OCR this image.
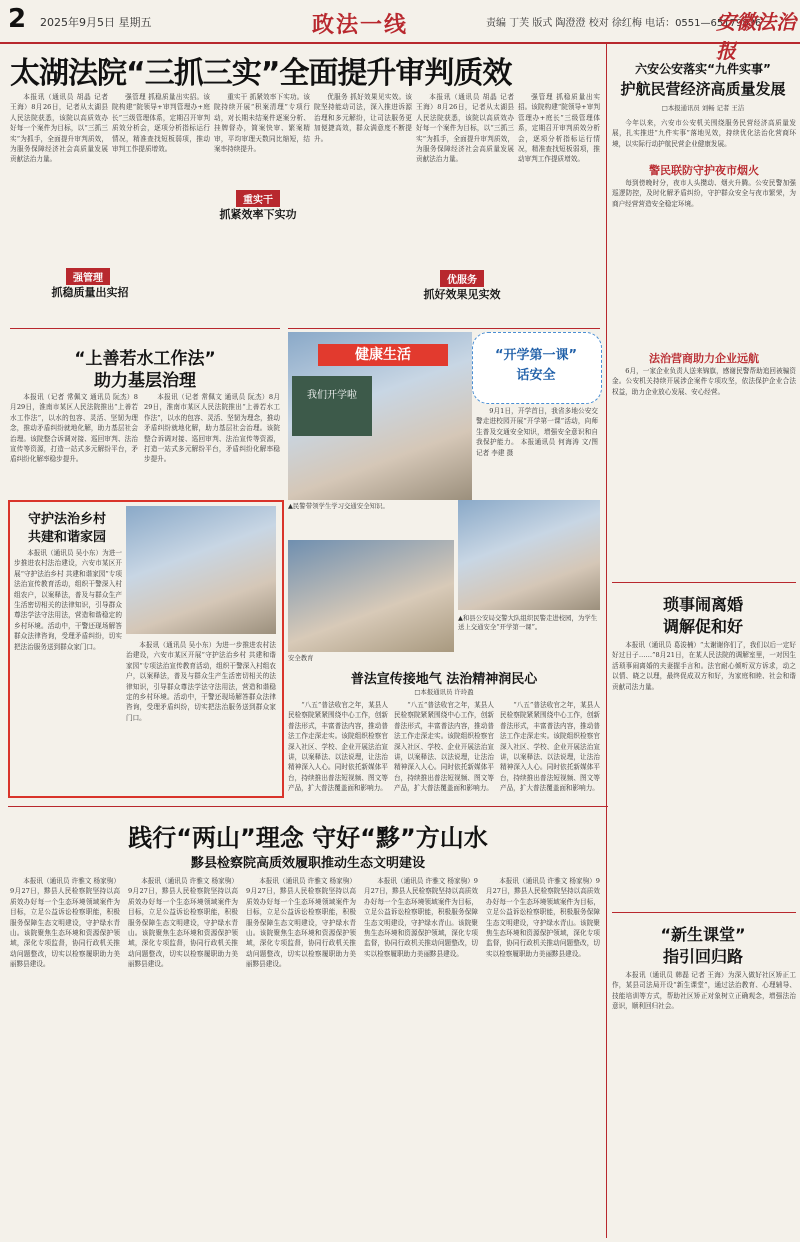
2 2025年9月5日 星期五	政法一线	责编 丁芙 版式 陶澄澄 校对 徐红梅 电话：0551—65179836
安徽法治报
太湖法院“三抓三实”全面提升审判质效

本报讯（通讯员 胡晶 记者 王海）8月26日，记者从太湖县人民法院获悉，该院以高质效办好每一个案件为目标，以“三抓三实”为抓手，全面提升审判质效，为服务保障经济社会高质量发展贡献法治力量。

强管理 抓稳质量出实招。该院构建“院领导+审判管理办+庭长”三级管理体系，定期召开审判质效分析会，逐项分析指标运行情况，精准查找短板弱项，推动审判工作提质增效。

重实干 抓紧效率下实功。该院持续开展“积案清理”专项行动，对长期未结案件逐案分析、挂牌督办，简案快审、繁案精审，平均审理天数同比缩短，结案率持续提升。

优服务 抓好效果见实效。该院坚持能动司法，深入推进诉源治理和多元解纷，让司法服务更加便捷高效，群众满意度不断提升。

本报讯（通讯员 胡晶 记者 王海）8月26日，记者从太湖县人民法院获悉，该院以高质效办好每一个案件为目标，以“三抓三实”为抓手，全面提升审判质效，为服务保障经济社会高质量发展贡献法治力量。

强管理 抓稳质量出实招。该院构建“院领导+审判管理办+庭长”三级管理体系，定期召开审判质效分析会，逐项分析指标运行情况，精准查找短板弱项，推动审判工作提质增效。

强管理
抓稳质量出实招
重实干
抓紧效率下实功
优服务
抓好效果见实效
“上善若水工作法”
助力基层治理

本报讯（记者 常佩文 通讯员 阮杰）8月29日，淮南市某区人民法院推出“上善若水工作法”，以水的包容、灵活、坚韧为理念，推动矛盾纠纷就地化解，助力基层社会治理。该院整合诉调对接、巡回审判、法治宣传等资源，打造一站式多元解纷平台，矛盾纠纷化解率稳步提升。

本报讯（记者 常佩文 通讯员 阮杰）8月29日，淮南市某区人民法院推出“上善若水工作法”，以水的包容、灵活、坚韧为理念，推动矛盾纠纷就地化解，助力基层社会治理。该院整合诉调对接、巡回审判、法治宣传等资源，打造一站式多元解纷平台，矛盾纠纷化解率稳步提升。

健康生活
我们开学啦
“开学第一课”
话安全

9月1日，开学首日，我省多地公安交警走进校园开展“开学第一课”活动，向师生普及交通安全知识，增强安全意识和自我保护能力。 本报通讯员 何海涛 文/图 记者 李建 摄

▲民警带领学生学习交通安全知识。
▲和县公安局交警大队组织民警走进校园，为学生送上交通安全“开学第一课”。
安全教育
守护法治乡村
共建和谐家园

本报讯（通讯员 吴小东）为进一步推进农村法治建设，六安市某区开展“守护法治乡村 共建和谐家园”专项法治宣传教育活动，组织干警深入村组农户，以案释法，普及与群众生产生活密切相关的法律知识，引导群众尊法学法守法用法，营造和谐稳定的乡村环境。活动中，干警还现场解答群众法律咨询，受理矛盾纠纷，切实把法治服务送到群众家门口。	本报讯（通讯员 吴小东）为进一步推进农村法治建设，六安市某区开展“守护法治乡村 共建和谐家园”专项法治宣传教育活动，组织干警深入村组农户，以案释法，普及与群众生产生活密切相关的法律知识，引导群众尊法学法守法用法，营造和谐稳定的乡村环境。活动中，干警还现场解答群众法律咨询，受理矛盾纠纷，切实把法治服务送到群众家门口。

普法宣传接地气 法治精神润民心
□本报通讯员 许玲盈

“八五”普法收官之年，某县人民检察院紧紧围绕中心工作，创新普法形式，丰富普法内容，推动普法工作走深走实。该院组织检察官深入社区、学校、企业开展法治宣讲，以案释法、以法说理，让法治精神深入人心。同时依托新媒体平台，持续推出普法短视频、图文等产品，扩大普法覆盖面和影响力。

“八五”普法收官之年，某县人民检察院紧紧围绕中心工作，创新普法形式，丰富普法内容，推动普法工作走深走实。该院组织检察官深入社区、学校、企业开展法治宣讲，以案释法、以法说理，让法治精神深入人心。同时依托新媒体平台，持续推出普法短视频、图文等产品，扩大普法覆盖面和影响力。

“八五”普法收官之年，某县人民检察院紧紧围绕中心工作，创新普法形式，丰富普法内容，推动普法工作走深走实。该院组织检察官深入社区、学校、企业开展法治宣讲，以案释法、以法说理，让法治精神深入人心。同时依托新媒体平台，持续推出普法短视频、图文等产品，扩大普法覆盖面和影响力。

践行“两山”理念 守好“黟”方山水
黟县检察院高质效履职推动生态文明建设

本报讯（通讯员 许雅文 杨家驹）9月27日，黟县人民检察院坚持以高质效办好每一个生态环境领域案件为目标，立足公益诉讼检察职能，积极服务保障生态文明建设，守护绿水青山。该院聚焦生态环境和资源保护领域，深化专项监督，协同行政机关推动问题整改，切实以检察履职助力美丽黟县建设。

本报讯（通讯员 许雅文 杨家驹）9月27日，黟县人民检察院坚持以高质效办好每一个生态环境领域案件为目标，立足公益诉讼检察职能，积极服务保障生态文明建设，守护绿水青山。该院聚焦生态环境和资源保护领域，深化专项监督，协同行政机关推动问题整改，切实以检察履职助力美丽黟县建设。

本报讯（通讯员 许雅文 杨家驹）9月27日，黟县人民检察院坚持以高质效办好每一个生态环境领域案件为目标，立足公益诉讼检察职能，积极服务保障生态文明建设，守护绿水青山。该院聚焦生态环境和资源保护领域，深化专项监督，协同行政机关推动问题整改，切实以检察履职助力美丽黟县建设。

本报讯（通讯员 许雅文 杨家驹）9月27日，黟县人民检察院坚持以高质效办好每一个生态环境领域案件为目标，立足公益诉讼检察职能，积极服务保障生态文明建设，守护绿水青山。该院聚焦生态环境和资源保护领域，深化专项监督，协同行政机关推动问题整改，切实以检察履职助力美丽黟县建设。

本报讯（通讯员 许雅文 杨家驹）9月27日，黟县人民检察院坚持以高质效办好每一个生态环境领域案件为目标，立足公益诉讼检察职能，积极服务保障生态文明建设，守护绿水青山。该院聚焦生态环境和资源保护领域，深化专项监督，协同行政机关推动问题整改，切实以检察履职助力美丽黟县建设。

六安公安落实“九件实事”
护航民营经济高质量发展
□本报通讯员 刘畅 记者 王洁

今年以来，六安市公安机关围绕服务民营经济高质量发展，扎实推进“九件实事”落地见效，持续优化法治化营商环境，以实际行动护航民营企业健康发展。

警民联防守护夜市烟火

每到傍晚时分，夜市人头攒动、烟火升腾。公安民警加强巡逻防控，及时化解矛盾纠纷，守护群众安全与夜市繁荣，为商户经营营造安全稳定环境。

法治营商助力企业远航

6月，一家企业负责人送来锦旗，感谢民警帮助追回被骗资金。公安机关持续开展涉企案件专项攻坚，依法保护企业合法权益，助力企业放心发展、安心经营。

琐事闹离婚
调解促和好

本报讯（通讯员 葛浚楠）“太谢谢你们了，我们以后一定好好过日子……”8月21日，在某人民法院的调解室里，一对因生活琐事闹离婚的夫妻握手言和。法官耐心倾听双方诉求，动之以情、晓之以理，最终促成双方和好，为家庭和睦、社会和谐贡献司法力量。

“新生课堂”
指引回归路

本报讯（通讯员 韩磊 记者 王海）为深入做好社区矫正工作，某县司法局开设“新生课堂”，通过法治教育、心理辅导、技能培训等方式，帮助社区矫正对象树立正确观念，增强法治意识，顺利回归社会。
